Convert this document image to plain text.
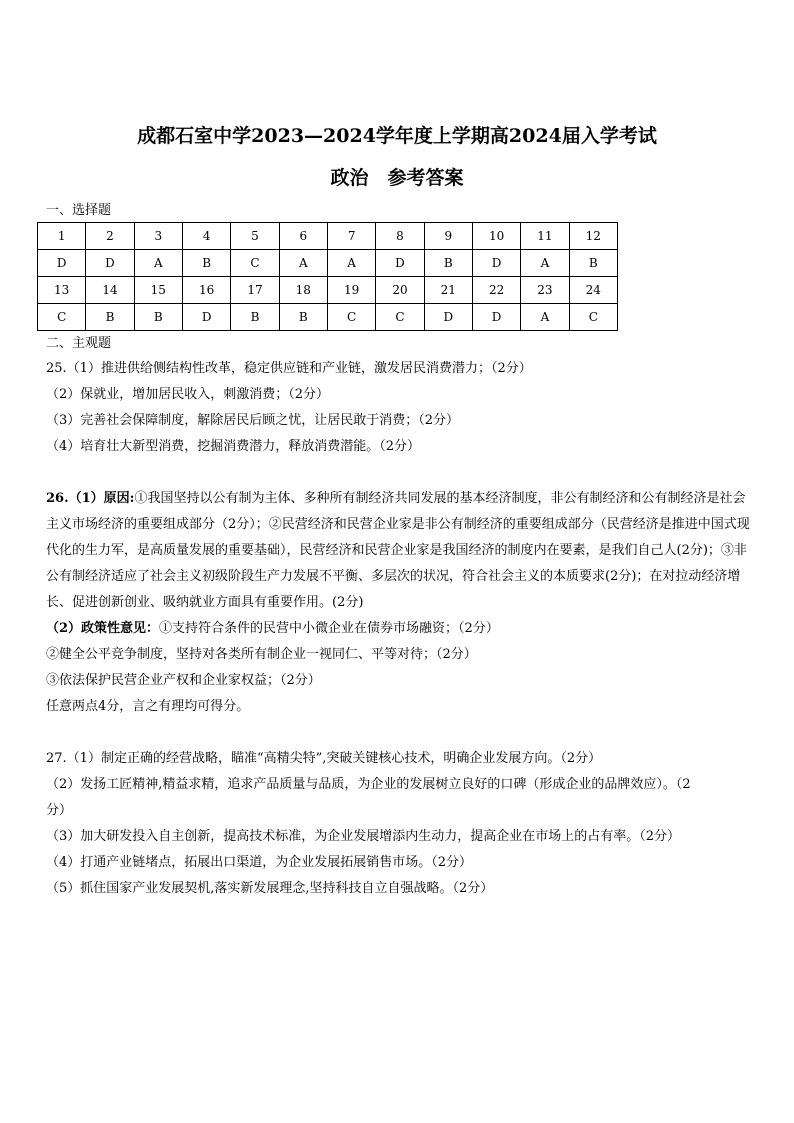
成都石室中学2023—2024学年度上学期高2024届入学考试
政治　参考答案
一、选择题
1	2	3	4	5	6	7	8	9	10	11	12
D	D	A	B	C	A	A	D	B	D	A	B
13	14	15	16	17	18	19	20	21	22	23	24
C	B	B	D	B	B	C	C	D	D	A	C
二、主观题
25.（1）推进供给侧结构性改革，稳定供应链和产业链，激发居民消费潜力；（2分）
（2）保就业，增加居民收入，刺激消费；（2分）
（3）完善社会保障制度，解除居民后顾之忧，让居民敢于消费；（2分）
（4）培育壮大新型消费，挖掘消费潜力，释放消费潜能。（2分）
26.（1）原因:①我国坚持以公有制为主体、多种所有制经济共同发展的基本经济制度，非公有制经济和公有制经济是社会主义市场经济的重要组成部分（2分）；②民营经济和民营企业家是非公有制经济的重要组成部分（民营经济是推进中国式现代化的生力军，是高质量发展的重要基础），民营经济和民营企业家是我国经济的制度内在要素，是我们自己人(2分)；③非公有制经济适应了社会主义初级阶段生产力发展不平衡、多层次的状况，符合社会主义的本质要求(2分)；在对拉动经济增长、促进创新创业、吸纳就业方面具有重要作用。(2分)
（2）政策性意见：①支持符合条件的民营中小微企业在债券市场融资；（2分）
②健全公平竞争制度，坚持对各类所有制企业一视同仁、平等对待；（2分）
③依法保护民营企业产权和企业家权益；（2分）
任意两点4分，言之有理均可得分。
27.（1）制定正确的经营战略，瞄准“高精尖特”,突破关键核心技术，明确企业发展方向。（2分）
（2）发扬工匠精神,精益求精，追求产品质量与品质，为企业的发展树立良好的口碑（形成企业的品牌效应）。（2
分）
（3）加大研发投入自主创新，提高技术标准，为企业发展增添内生动力，提高企业在市场上的占有率。（2分）
（4）打通产业链堵点，拓展出口渠道，为企业发展拓展销售市场。（2分）
（5）抓住国家产业发展契机,落实新发展理念,坚持科技自立自强战略。（2分）
